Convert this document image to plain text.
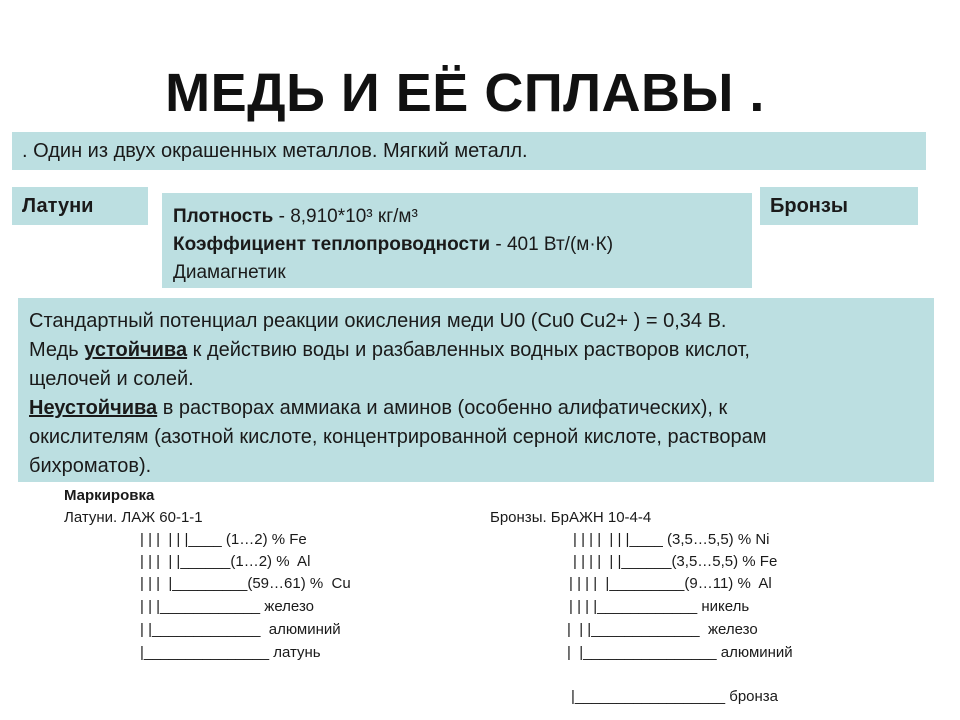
МЕДЬ И ЕЁ СПЛАВЫ .
. Один из двух окрашенных металлов. Мягкий металл.
Латуни	Бронзы
Плотность - 8,910*10³ кг/м³
Коэффициент теплопроводности - 401 Вт/(м·К)
Диамагнетик
Стандартный потенциал реакции окисления меди U0 (Cu0 Cu2+ ) = 0,34 В.
Медь устойчива к действию воды и разбавленных водных растворов кислот,
щелочей и солей.
Неустойчива в растворах аммиака и аминов (особенно алифатических), к
окислителям (азотной кислоте, концентрированной серной кислоте, растворам
бихроматов).
Маркировка
Латуни. ЛАЖ 60-1-1
| | |  | | |____ (1…2) % Fe
| | |  | |______(1…2) %  Al
| | |  |_________(59…61) %  Cu
| | |____________ железо
| |_____________  алюминий
|_______________ латунь
Бронзы. БрАЖН 10-4-4
| | | |  | | |____ (3,5…5,5) % Ni
| | | |  | |______(3,5…5,5) % Fe
| | | |  |_________(9…11) %  Al
| | | |____________ никель
|  | |_____________  железо
|  |________________ алюминий
|__________________ бронза
